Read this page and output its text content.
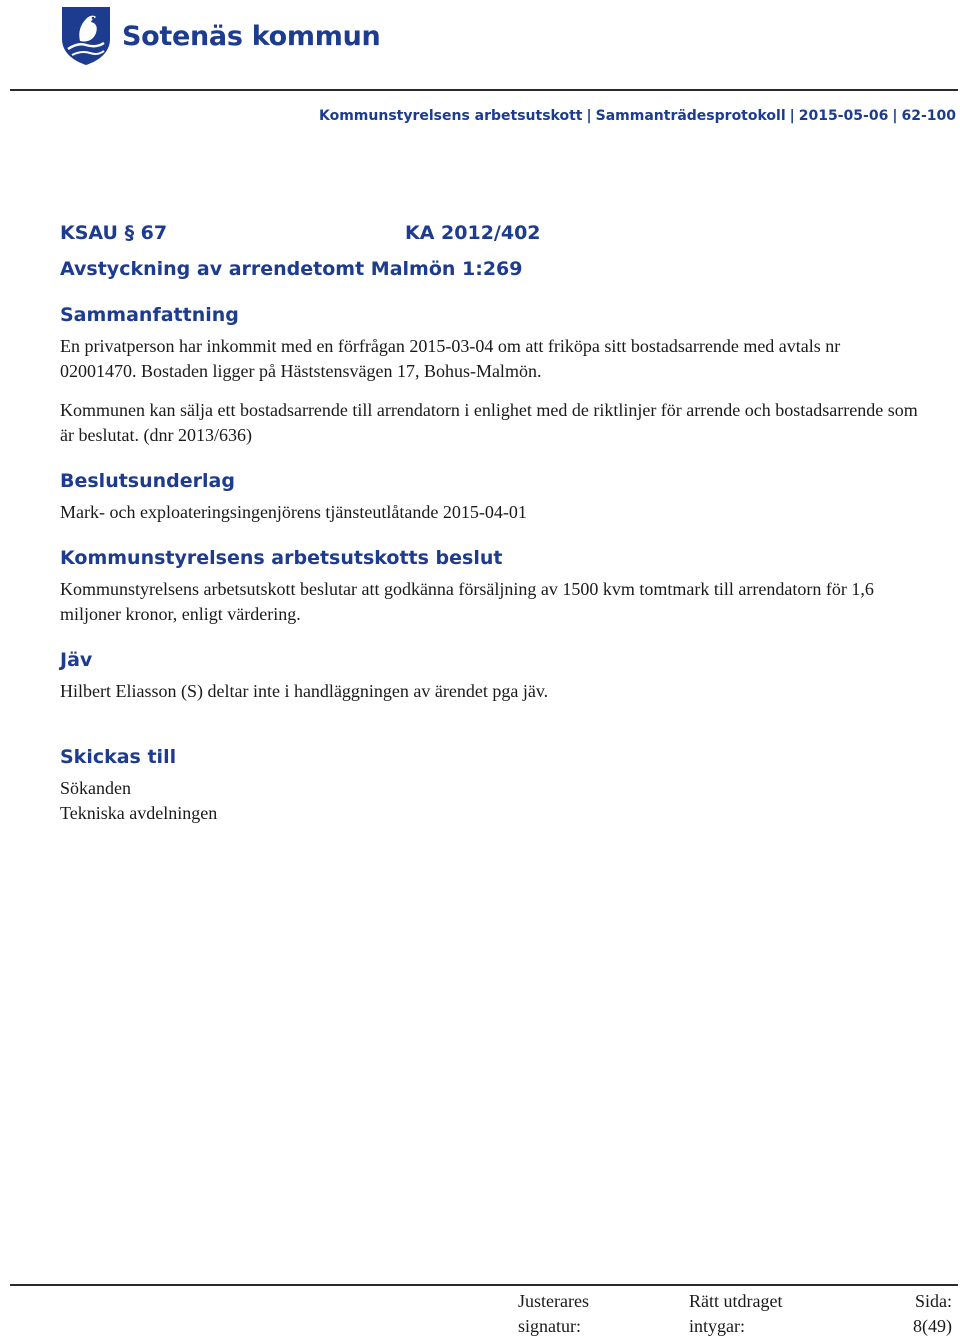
Sotenäs kommun
Kommunstyrelsens arbetsutskott | Sammanträdesprotokoll | 2015-05-06 | 62-100
KSAU § 67	KA 2012/402
Avstyckning av arrendetomt Malmön 1:269
Sammanfattning

En privatperson har inkommit med en förfrågan 2015-03-04 om att friköpa sitt bostadsarrende med avtals nr 02001470. Bostaden ligger på Häststensvägen 17, Bohus-Malmön.

Kommunen kan sälja ett bostadsarrende till arrendatorn i enlighet med de riktlinjer för arrende och bostadsarrende som är beslutat. (dnr 2013/636)

Beslutsunderlag

Mark- och exploateringsingenjörens tjänsteutlåtande 2015-04-01

Kommunstyrelsens arbetsutskotts beslut

Kommunstyrelsens arbetsutskott beslutar att godkänna försäljning av 1500 kvm tomtmark till arrendatorn för 1,6 miljoner kronor, enligt värdering.

Jäv

Hilbert Eliasson (S) deltar inte i handläggningen av ärendet pga jäv.

Skickas till

Sökanden
Tekniska avdelningen

Justerares
signatur:
Rätt utdraget
intygar:
Sida:
8(49)
